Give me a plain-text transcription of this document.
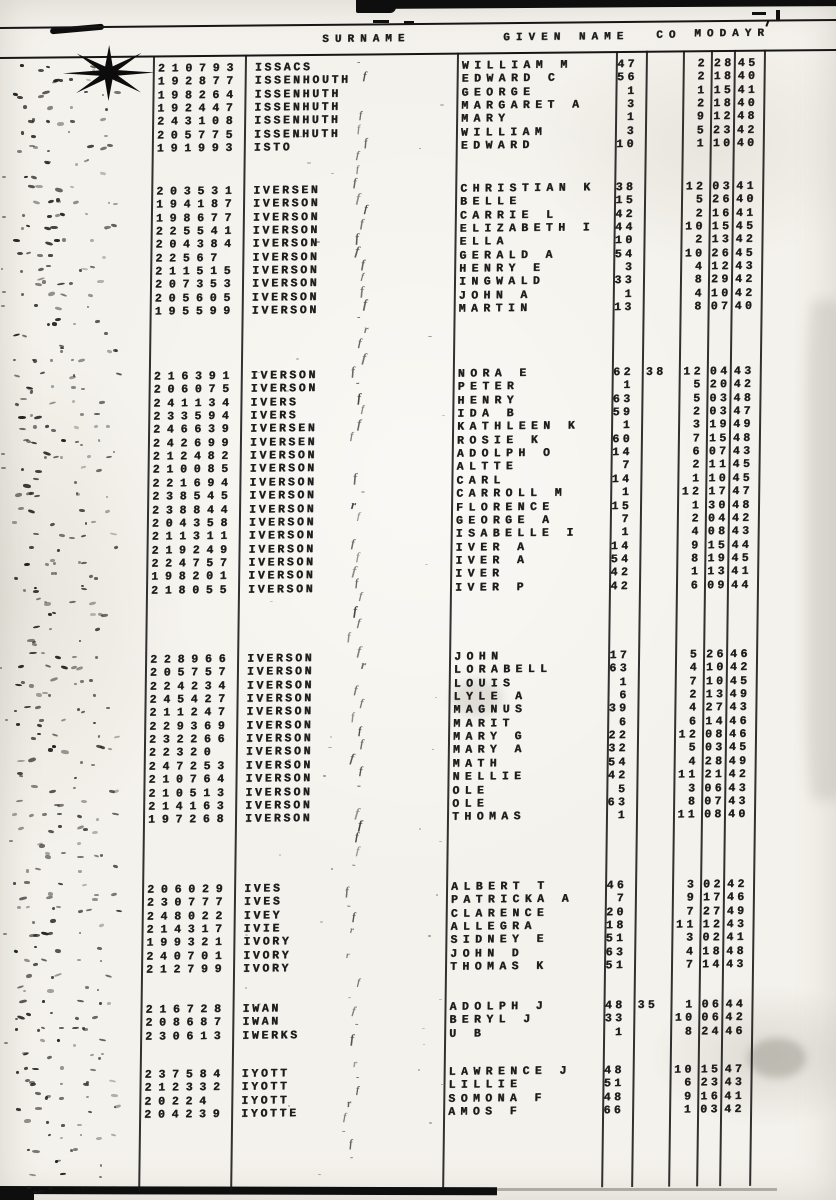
SURNAME	GIVEN NAME CO MODAYR
210793 ISSACS	WILLIAM M	47	2 28 45
192877 ISSENHOUTH	EDWARD C	56	2 18 40
198264 ISSENHUTH	GEORGE	1	1 15 41
192447 ISSENHUTH	MARGARET A	3	2 18 40
243108 ISSENHUTH	MARY	1	9 12 48
205775 ISSENHUTH	WILLIAM	3	5 23 42
191993 ISTO	EDWARD	10	1 10 40
203531 IVERSEN	CHRISTIAN K	38	12 03 41
194187 IVERSON	BELLE	15	5 26 40
198677 IVERSON	CARRIE L	42	2 16 41
225541 IVERSON	ELIZABETH I	44	10 15 45
204384 IVERSON	ELLA	10	2 13 42
22567 IVERSON	GERALD A	54	10 26 45
211515 IVERSON	HENRY E	3	4 12 43
207353 IVERSON	INGWALD	33	8 29 42
205605 IVERSON	JOHN A	1	4 10 42
195599 IVERSON	MARTIN	13	8 07 40
216391 IVERSON	NORA E	62 38	12 04 43
206075 IVERSON	PETER	1	5 20 42
241134 IVERS	HENRY	63	5 03 48
233594 IVERS	IDA B	59	2 03 47
246639 IVERSEN	KATHLEEN K	1	3 19 49
242699 IVERSEN	ROSIE K	60	7 15 48
212482 IVERSON	ADOLPH O	14	6 07 43
210085 IVERSON	ALTTE	7	2 11 45
221694 IVERSON	CARL	14	1 10 45
238545 IVERSON	CARROLL M	1	12 17 47
238844 IVERSON	FLORENCE	15	1 30 48
204358 IVERSON	GEORGE A	7	2 04 42
211311 IVERSON	ISABELLE I	1	4 08 43
219249 IVERSON	IVER A	14	9 15 44
224757 IVERSON	IVER A	54	8 19 45
198201 IVERSON	IVER	42	1 13 41
218055 IVERSON	IVER P	42	6 09 44
228966 IVERSON	JOHN	17	5 26 46
205757 IVERSON	LORABELL	63	4 10 42
224234 IVERSON	LOUIS	1	7 10 45
245427 IVERSON	LYLE A	6	2 13 49
211247 IVERSON	MAGNUS	39	4 27 43
229369 IVERSON	MARIT	6	6 14 46
232266 IVERSON	MARY G	22	12 08 46
22320 IVERSON	MARY A	32	5 03 45
247253 IVERSON	MATH	54	4 28 49
210764 IVERSON	NELLIE	42	11 21 42
210513 IVERSON	OLE	5	3 06 43
214163 IVERSON	OLE	63	8 07 43
197268 IVERSON	THOMAS	1	11 08 40
206029 IVES	ALBERT T	46	3 02 42
230777 IVES	PATRICKA A	7	9 17 46
248022 IVEY	CLARENCE	20	7 27 49
214317 IVIE	ALLEGRA	18	11 12 43
199321 IVORY	SIDNEY E	51	3 02 41
240701 IVORY	JOHN D	63	4 18 48
212799 IVORY	THOMAS K	51	7 14 43
216728 IWAN	ADOLPH J	48 35	1 06 44
208687 IWAN	BERYL J	33	10 06 42
230613 IWERKS	U B	1	8 24 46
237584 IYOTT	LAWRENCE J	48	10 15 47
212332 IYOTT	LILLIE	51	6 23 43
20224 IYOTT	SOMONA F	48	9 16 41
204239 IYOTTE	AMOS F	66	1 03 42
-
f
f
f
f
f
f
f
f
f
f
f
f
f
f
f
f
-
r
f
f
f
-
f
f
f
f
f
-
r
f
f
f
f
f
f
f
f
f
f
r
f
f
f
f
f
f
f
-
f
f
f
f
-
f
-
f
r
r
f
-
f
-
f
r
-
f
r
f
-
f
-
